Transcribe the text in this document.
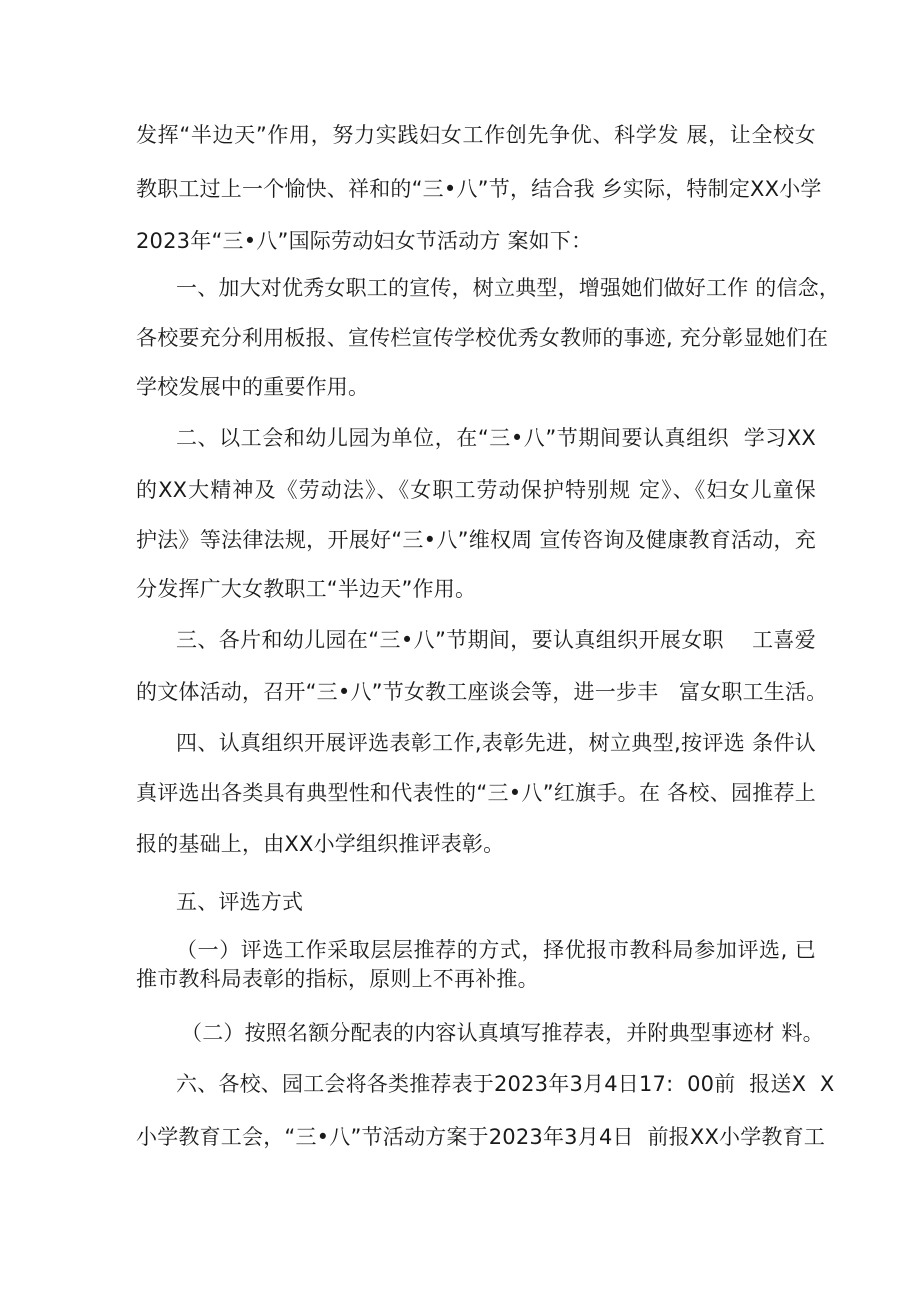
发挥“半边天”作用，努力实践妇女工作创先争优、科学发 展，让全校女
教职工过上一个愉快、祥和的“三•八”节，结合我 乡实际，特制定XX小学
2023年“三•八”国际劳动妇女节活动方 案如下：
一、加大对优秀女职工的宣传，树立典型，增强她们做好工作 的信念，
各校要充分利用板报、宣传栏宣传学校优秀女教师的事迹, 充分彰显她们在
学校发展中的重要作用。
二、以工会和幼儿园为单位，在“三•八”节期间要认真组织  学习XX
的XX大精神及《劳动法》、《女职工劳动保护特别规 定》、《妇女儿童保
护法》等法律法规，开展好“三•八”维权周 宣传咨询及健康教育活动，充
分发挥广大女教职工“半边天”作用。
三、各片和幼儿园在“三•八”节期间，要认真组织开展女职    工喜爱
的文体活动，召开“三•八”节女教工座谈会等，进一步丰   富女职工生活。
四、认真组织开展评选表彰工作,表彰先进，树立典型,按评选 条件认
真评选出各类具有典型性和代表性的“三•八”红旗手。在 各校、园推荐上
报的基础上，由XX小学组织推评表彰。
五、评选方式
（一）评选工作采取层层推荐的方式，择优报市教科局参加评选, 已
推市教科局表彰的指标，原则上不再补推。
（二）按照名额分配表的内容认真填写推荐表，并附典型事迹材 料。
六、各校、园工会将各类推荐表于2023年3月4日17:  00前  报送X  X
小学教育工会，“三•八”节活动方案于2023年3月4日  前报XX小学教育工
